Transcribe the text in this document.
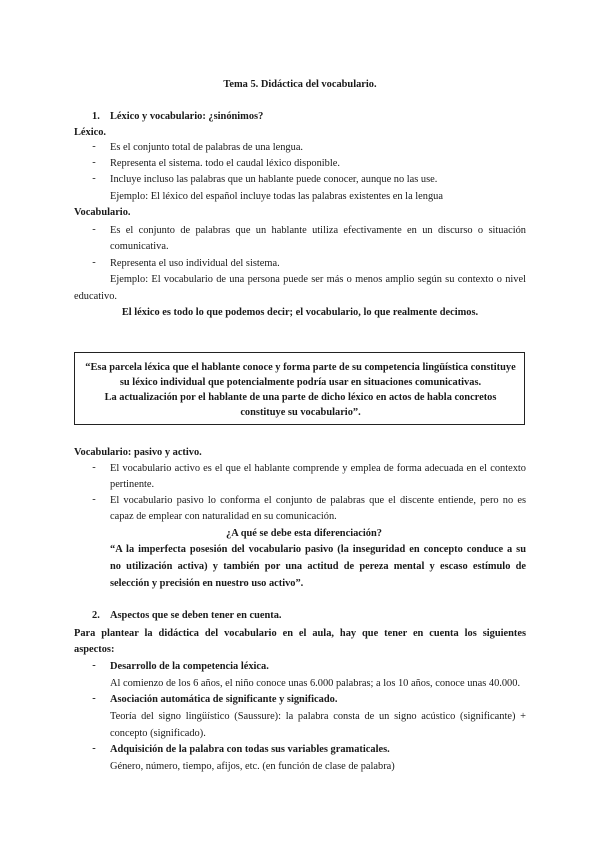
Tema 5. Didáctica del vocabulario.
1. Léxico y vocabulario: ¿sinónimos?
Léxico.
- Es el conjunto total de palabras de una lengua.
- Representa el sistema. todo el caudal léxico disponible.
- Incluye incluso las palabras que un hablante puede conocer, aunque no las use.
Ejemplo: El léxico del español incluye todas las palabras existentes en la lengua
Vocabulario.
- Es el conjunto de palabras que un hablante utiliza efectivamente en un discurso o situación
comunicativa.
- Representa el uso individual del sistema.
Ejemplo: El vocabulario de una persona puede ser más o menos amplio según su contexto o nivel
educativo.
El léxico es todo lo que podemos decir; el vocabulario, lo que realmente decimos.
“Esa parcela léxica que el hablante conoce y forma parte de su competencia lingüística constituye
su léxico individual que potencialmente podría usar en situaciones comunicativas.
La actualización por el hablante de una parte de dicho léxico en actos de habla concretos
constituye su vocabulario”.
Vocabulario: pasivo y activo.
- El vocabulario activo es el que el hablante comprende y emplea de forma adecuada en el contexto
pertinente.
- El vocabulario pasivo lo conforma el conjunto de palabras que el discente entiende, pero no es
capaz de emplear con naturalidad en su comunicación.
¿A qué se debe esta diferenciación?
“A la imperfecta posesión del vocabulario pasivo (la inseguridad en concepto conduce a su
no utilización activa) y también por una actitud de pereza mental y escaso estímulo de
selección y precisión en nuestro uso activo”.
2. Aspectos que se deben tener en cuenta.
Para plantear la didáctica del vocabulario en el aula, hay que tener en cuenta los siguientes
aspectos:
- Desarrollo de la competencia léxica.
Al comienzo de los 6 años, el niño conoce unas 6.000 palabras; a los 10 años, conoce unas 40.000.
- Asociación automática de significante y significado.
Teoría del signo lingüístico (Saussure): la palabra consta de un signo acústico (significante) +
concepto (significado).
- Adquisición de la palabra con todas sus variables gramaticales.
Género, número, tiempo, afijos, etc. (en función de clase de palabra)
